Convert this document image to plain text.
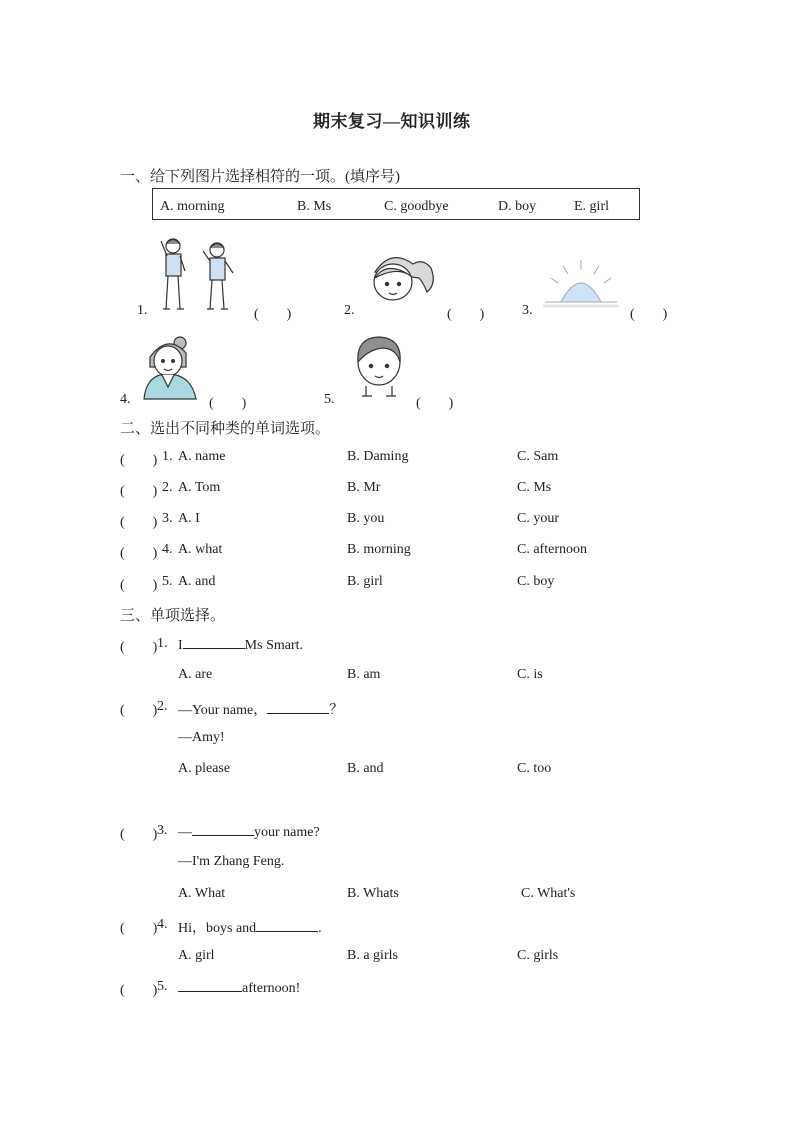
期末复习—知识训练
一、给下列图片选择相符的一项。(填序号)
A. morning	B. Ms	C. goodbye	D. boy	E. girl
1.	(　　)	2.	(　　)	3.	(　　)
4.	(　　)	5.	(　　)
二、选出不同种类的单词选项。
(　　) 1. A. name	B. Daming	C. Sam
(　　) 2. A. Tom	B. Mr	C. Ms
(　　) 3. A. I	B. you	C. your
(　　) 4. A. what	B. morning	C. afternoon
(　　) 5. A. and	B. girl	C. boy
三、单项选择。
(　　) 1. I	Ms Smart.
A. are	B. am	C. is
(　　) 2. —Your name，	？
—Amy!
A. please	B. and	C. too
(　　) 3. —	your name?
—I'm Zhang Feng.
A. What	B. Whats	C. What's
(　　) 4. Hi，boys and	.
A. girl	B. a girls	C. girls
(　　) 5.	afternoon!
